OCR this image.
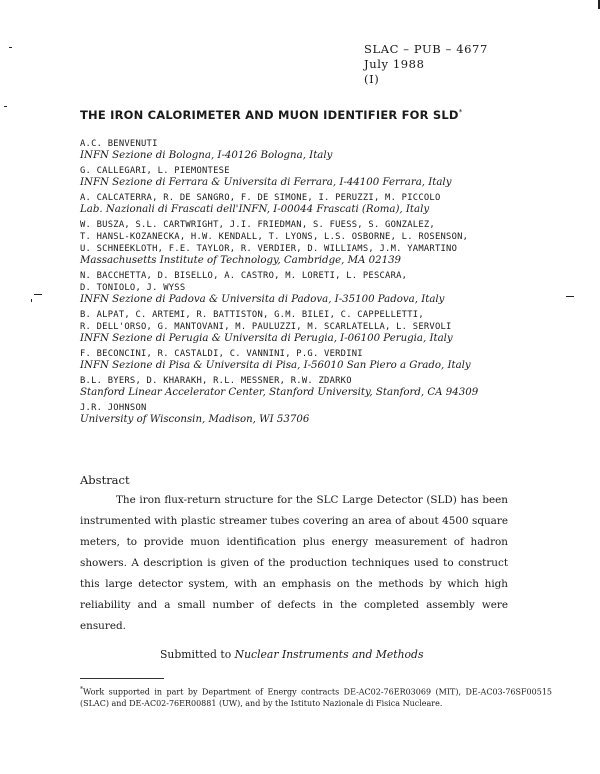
SLAC – PUB – 4677
July 1988
(I)
THE IRON CALORIMETER AND MUON IDENTIFIER FOR SLD*
A.C. BENVENUTI
INFN Sezione di Bologna, I-40126 Bologna, Italy
G. CALLEGARI, L. PIEMONTESE
INFN Sezione di Ferrara & Universita di Ferrara, I-44100 Ferrara, Italy
A. CALCATERRA, R. DE SANGRO, F. DE SIMONE, I. PERUZZI, M. PICCOLO
Lab. Nazionali di Frascati dell'INFN, I-00044 Frascati (Roma), Italy
W. BUSZA, S.L. CARTWRIGHT, J.I. FRIEDMAN, S. FUESS, S. GONZALEZ,
T. HANSL-KOZANECKA, H.W. KENDALL, T. LYONS, L.S. OSBORNE, L. ROSENSON,
U. SCHNEEKLOTH, F.E. TAYLOR, R. VERDIER, D. WILLIAMS, J.M. YAMARTINO
Massachusetts Institute of Technology, Cambridge, MA 02139
N. BACCHETTA, D. BISELLO, A. CASTRO, M. LORETI, L. PESCARA,
D. TONIOLO, J. WYSS
INFN Sezione di Padova & Universita di Padova, I-35100 Padova, Italy
B. ALPAT, C. ARTEMI, R. BATTISTON, G.M. BILEI, C. CAPPELLETTI,
R. DELL'ORSO, G. MANTOVANI, M. PAULUZZI, M. SCARLATELLA, L. SERVOLI
INFN Sezione di Perugia & Universita di Perugia, I-06100 Perugia, Italy
F. BECONCINI, R. CASTALDI, C. VANNINI, P.G. VERDINI
INFN Sezione di Pisa & Universita di Pisa, I-56010 San Piero a Grado, Italy
B.L. BYERS, D. KHARAKH, R.L. MESSNER, R.W. ZDARKO
Stanford Linear Accelerator Center, Stanford University, Stanford, CA 94309
J.R. JOHNSON
University of Wisconsin, Madison, WI 53706
Abstract
The iron flux-return structure for the SLC Large Detector (SLD) has been instrumented with plastic streamer tubes covering an area of about 4500 square meters, to provide muon identification plus energy measurement of hadron showers. A description is given of the production techniques used to construct this large detector system, with an emphasis on the methods by which high reliability and a small number of defects in the completed assembly were ensured.
Submitted to Nuclear Instruments and Methods
*Work supported in part by Department of Energy contracts DE-AC02-76ER03069 (MIT), DE-AC03-76SF00515 (SLAC) and DE-AC02-76ER00881 (UW), and by the Istituto Nazionale di Fisica Nucleare.
